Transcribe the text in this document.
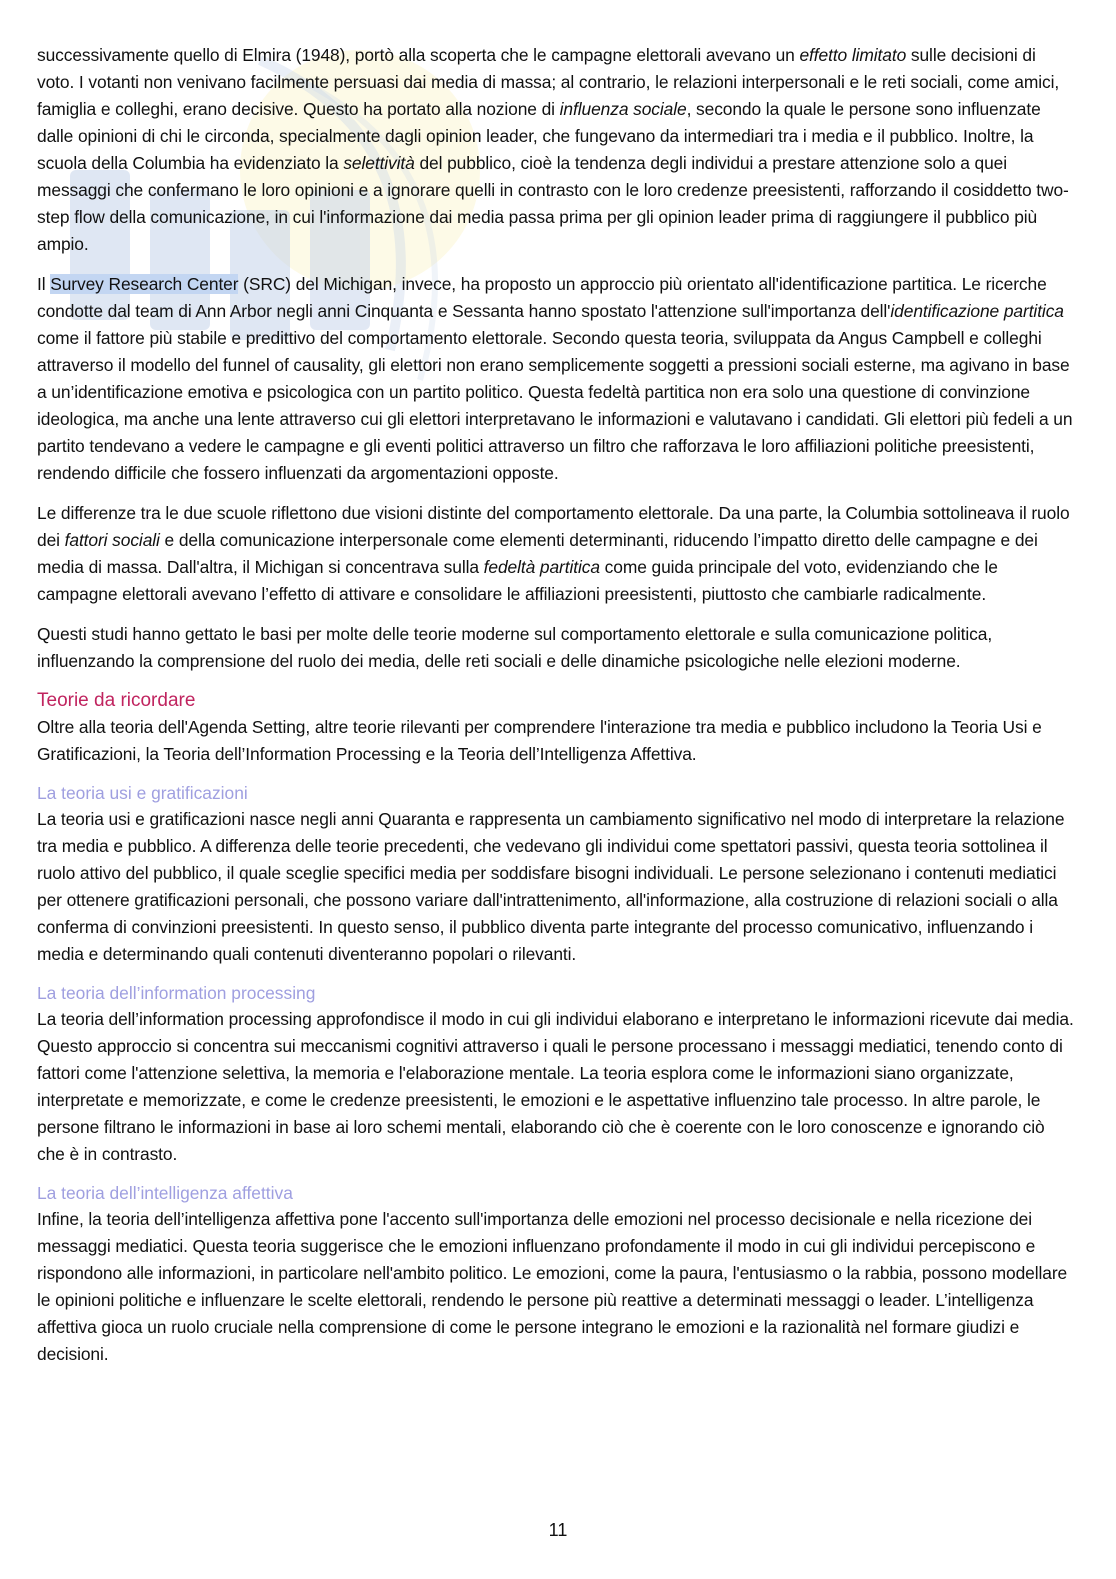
successivamente quello di Elmira (1948), portò alla scoperta che le campagne elettorali avevano un effetto limitato sulle decisioni di voto. I votanti non venivano facilmente persuasi dai media di massa; al contrario, le relazioni interpersonali e le reti sociali, come amici, famiglia e colleghi, erano decisive. Questo ha portato alla nozione di influenza sociale, secondo la quale le persone sono influenzate dalle opinioni di chi le circonda, specialmente dagli opinion leader, che fungevano da intermediari tra i media e il pubblico. Inoltre, la scuola della Columbia ha evidenziato la selettività del pubblico, cioè la tendenza degli individui a prestare attenzione solo a quei messaggi che confermano le loro opinioni e a ignorare quelli in contrasto con le loro credenze preesistenti, rafforzando il cosiddetto two-step flow della comunicazione, in cui l'informazione dai media passa prima per gli opinion leader prima di raggiungere il pubblico più ampio.

Il Survey Research Center (SRC) del Michigan, invece, ha proposto un approccio più orientato all'identificazione partitica. Le ricerche condotte dal team di Ann Arbor negli anni Cinquanta e Sessanta hanno spostato l'attenzione sull'importanza dell'identificazione partitica come il fattore più stabile e predittivo del comportamento elettorale. Secondo questa teoria, sviluppata da Angus Campbell e colleghi attraverso il modello del funnel of causality, gli elettori non erano semplicemente soggetti a pressioni sociali esterne, ma agivano in base a un’identificazione emotiva e psicologica con un partito politico. Questa fedeltà partitica non era solo una questione di convinzione ideologica, ma anche una lente attraverso cui gli elettori interpretavano le informazioni e valutavano i candidati. Gli elettori più fedeli a un partito tendevano a vedere le campagne e gli eventi politici attraverso un filtro che rafforzava le loro affiliazioni politiche preesistenti, rendendo difficile che fossero influenzati da argomentazioni opposte.

Le differenze tra le due scuole riflettono due visioni distinte del comportamento elettorale. Da una parte, la Columbia sottolineava il ruolo dei fattori sociali e della comunicazione interpersonale come elementi determinanti, riducendo l’impatto diretto delle campagne e dei media di massa. Dall'altra, il Michigan si concentrava sulla fedeltà partitica come guida principale del voto, evidenziando che le campagne elettorali avevano l’effetto di attivare e consolidare le affiliazioni preesistenti, piuttosto che cambiarle radicalmente.

Questi studi hanno gettato le basi per molte delle teorie moderne sul comportamento elettorale e sulla comunicazione politica, influenzando la comprensione del ruolo dei media, delle reti sociali e delle dinamiche psicologiche nelle elezioni moderne.

Teorie da ricordare

Oltre alla teoria dell'Agenda Setting, altre teorie rilevanti per comprendere l'interazione tra media e pubblico includono la Teoria Usi e Gratificazioni, la Teoria dell’Information Processing e la Teoria dell’Intelligenza Affettiva.

La teoria usi e gratificazioni

La teoria usi e gratificazioni nasce negli anni Quaranta e rappresenta un cambiamento significativo nel modo di interpretare la relazione tra media e pubblico. A differenza delle teorie precedenti, che vedevano gli individui come spettatori passivi, questa teoria sottolinea il ruolo attivo del pubblico, il quale sceglie specifici media per soddisfare bisogni individuali. Le persone selezionano i contenuti mediatici per ottenere gratificazioni personali, che possono variare dall'intrattenimento, all'informazione, alla costruzione di relazioni sociali o alla conferma di convinzioni preesistenti. In questo senso, il pubblico diventa parte integrante del processo comunicativo, influenzando i media e determinando quali contenuti diventeranno popolari o rilevanti.

La teoria dell’information processing

La teoria dell’information processing approfondisce il modo in cui gli individui elaborano e interpretano le informazioni ricevute dai media. Questo approccio si concentra sui meccanismi cognitivi attraverso i quali le persone processano i messaggi mediatici, tenendo conto di fattori come l'attenzione selettiva, la memoria e l'elaborazione mentale. La teoria esplora come le informazioni siano organizzate, interpretate e memorizzate, e come le credenze preesistenti, le emozioni e le aspettative influenzino tale processo. In altre parole, le persone filtrano le informazioni in base ai loro schemi mentali, elaborando ciò che è coerente con le loro conoscenze e ignorando ciò che è in contrasto.

La teoria dell’intelligenza affettiva

Infine, la teoria dell’intelligenza affettiva pone l'accento sull'importanza delle emozioni nel processo decisionale e nella ricezione dei messaggi mediatici. Questa teoria suggerisce che le emozioni influenzano profondamente il modo in cui gli individui percepiscono e rispondono alle informazioni, in particolare nell'ambito politico. Le emozioni, come la paura, l'entusiasmo o la rabbia, possono modellare le opinioni politiche e influenzare le scelte elettorali, rendendo le persone più reattive a determinati messaggi o leader. L’intelligenza affettiva gioca un ruolo cruciale nella comprensione di come le persone integrano le emozioni e la razionalità nel formare giudizi e decisioni.

11
